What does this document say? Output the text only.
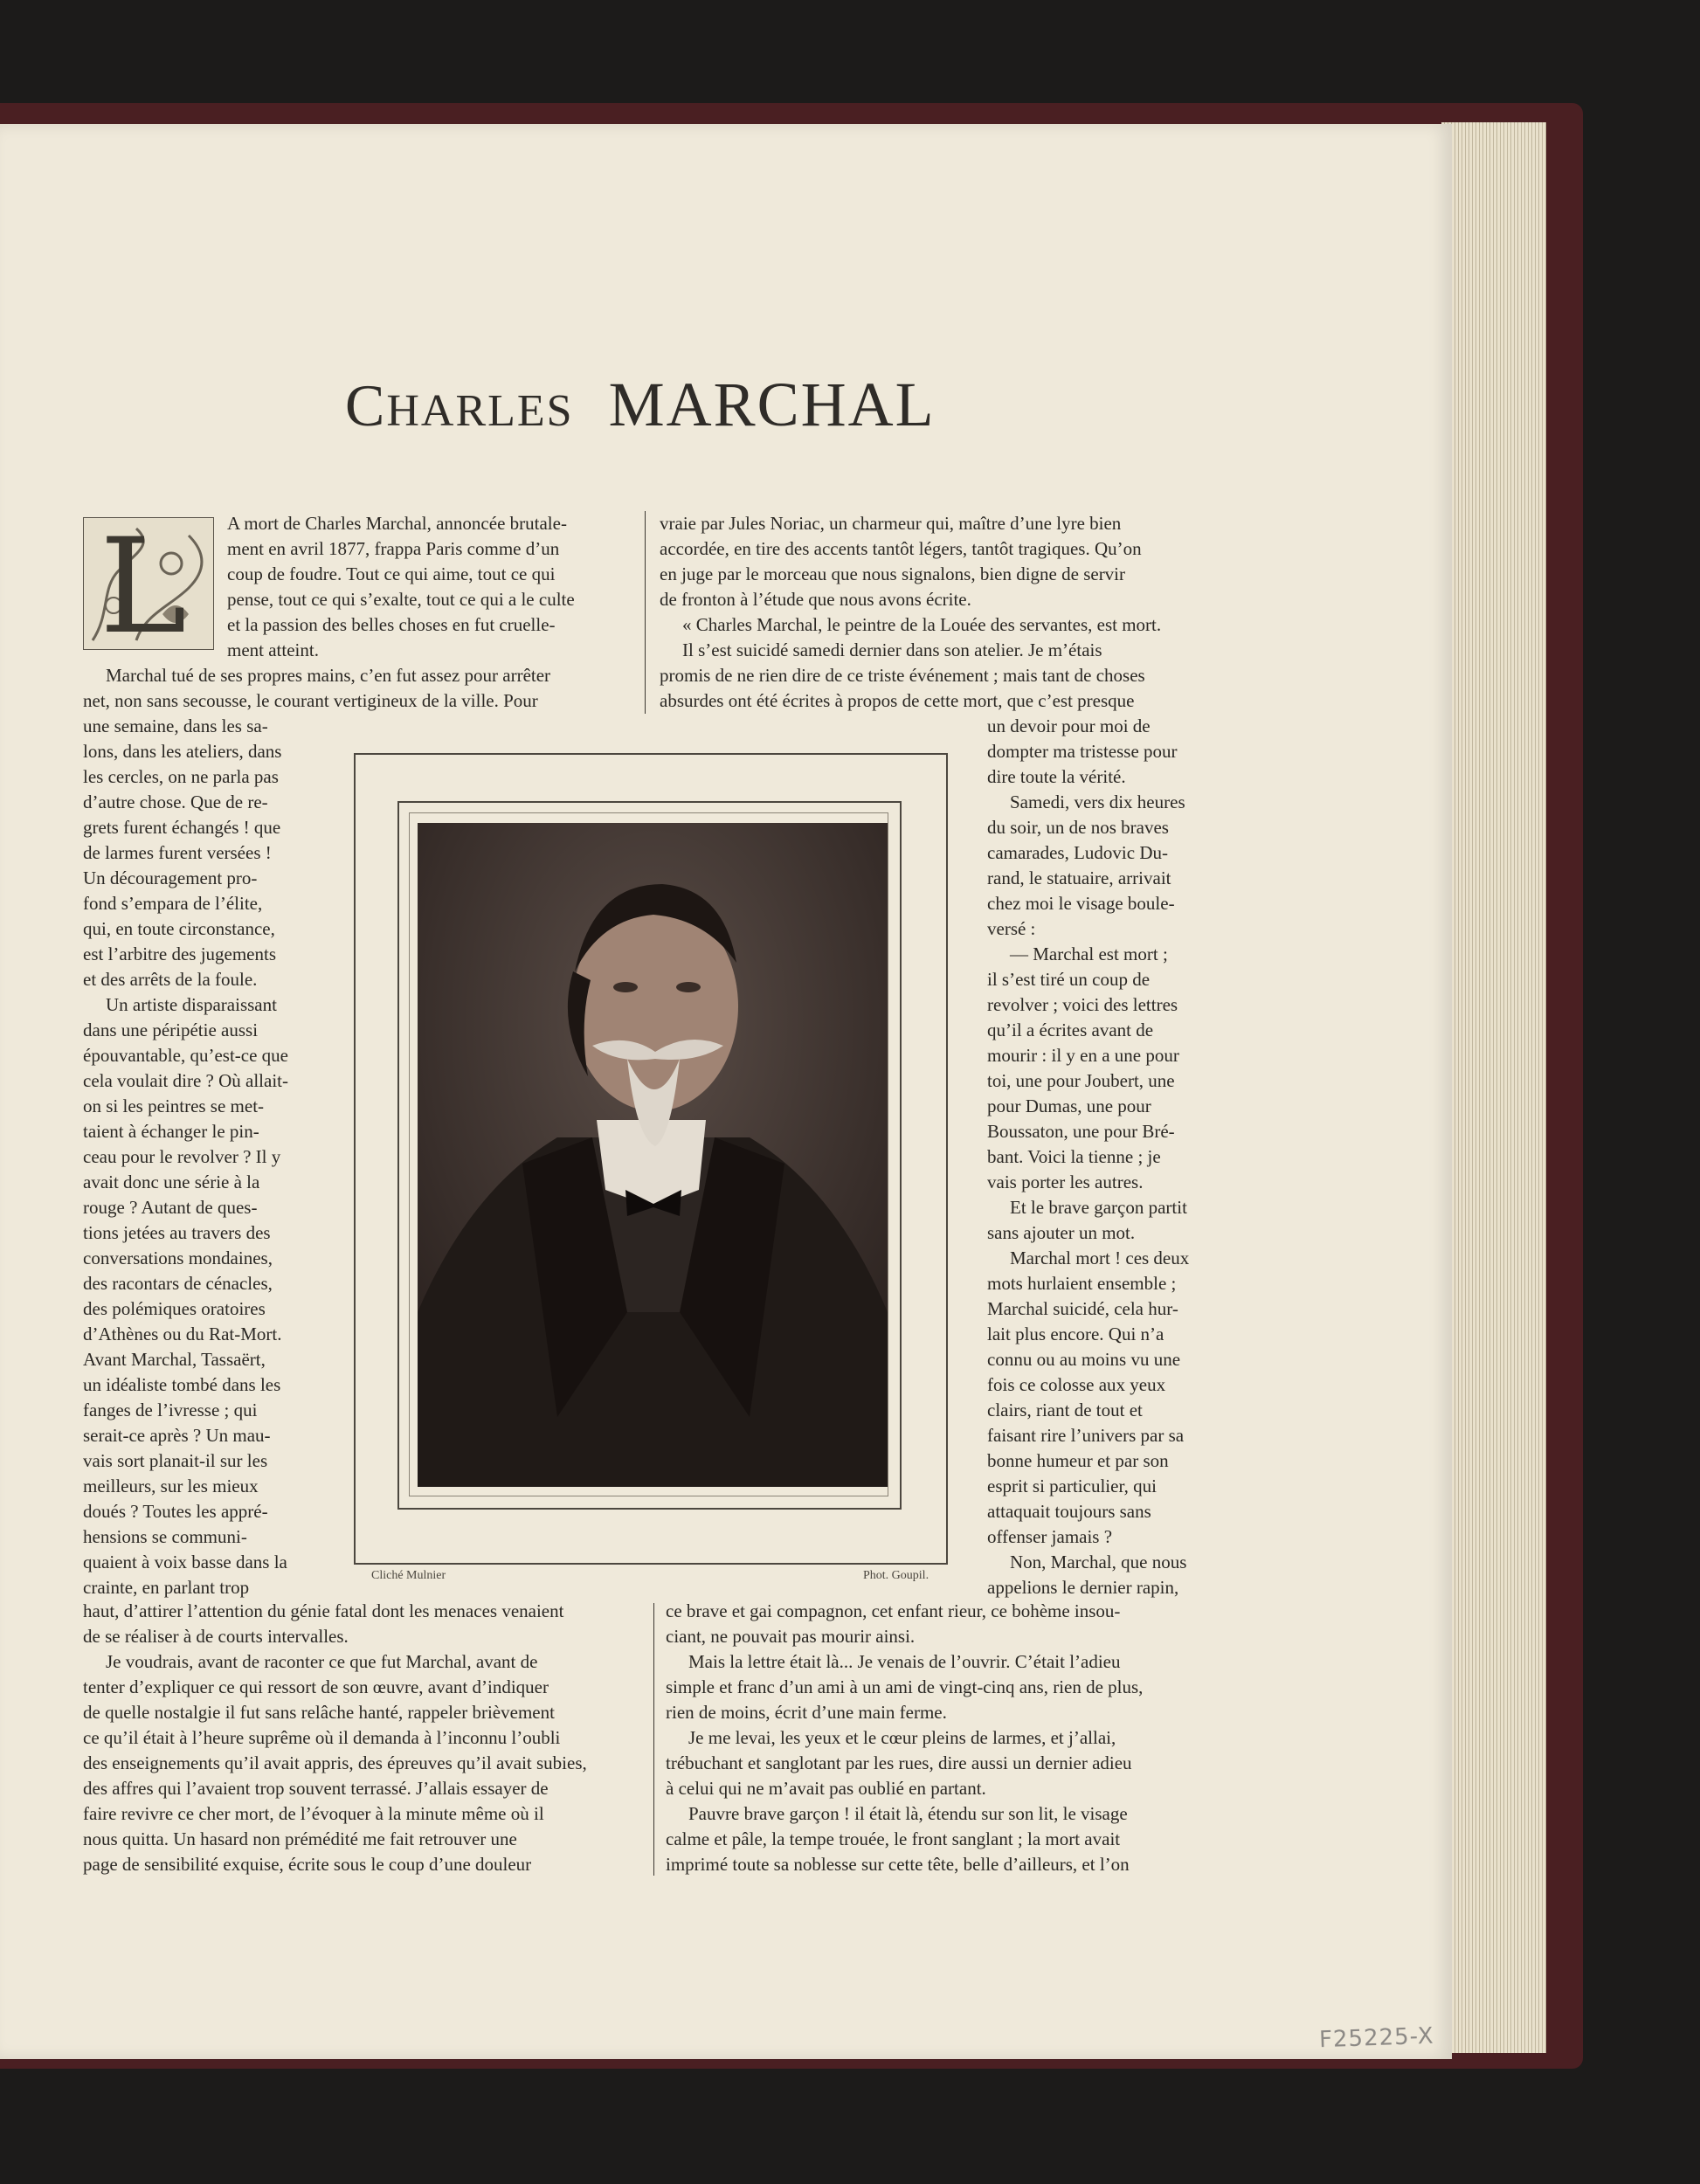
CHARLES MARCHAL
L A mort de Charles Marchal, annoncée brutale-

ment en avril 1877, frappa Paris comme d’un

coup de foudre. Tout ce qui aime, tout ce qui

pense, tout ce qui s’exalte, tout ce qui a le culte

et la passion des belles choses en fut cruelle-

ment atteint.

Marchal tué de ses propres mains, c’en fut assez pour arrêter

net, non sans secousse, le courant vertigineux de la ville. Pour

vraie par Jules Noriac, un charmeur qui, maître d’une lyre bien

accordée, en tire des accents tantôt légers, tantôt tragiques. Qu’on

en juge par le morceau que nous signalons, bien digne de servir

de fronton à l’étude que nous avons écrite.

« Charles Marchal, le peintre de la Louée des servantes, est mort.

Il s’est suicidé samedi dernier dans son atelier. Je m’étais

promis de ne rien dire de ce triste événement ; mais tant de choses

absurdes ont été écrites à propos de cette mort, que c’est presque

une semaine, dans les sa-

lons, dans les ateliers, dans

les cercles, on ne parla pas

d’autre chose. Que de re-

grets furent échangés ! que

de larmes furent versées !

Un découragement pro-

fond s’empara de l’élite,

qui, en toute circonstance,

est l’arbitre des jugements

et des arrêts de la foule.

Un artiste disparaissant

dans une péripétie aussi

épouvantable, qu’est-ce que

cela voulait dire ? Où allait-

on si les peintres se met-

taient à échanger le pin-

ceau pour le revolver ? Il y

avait donc une série à la

rouge ? Autant de ques-

tions jetées au travers des

conversations mondaines,

des racontars de cénacles,

des polémiques oratoires

d’Athènes ou du Rat-Mort.

Avant Marchal, Tassaërt,

un idéaliste tombé dans les

fanges de l’ivresse ; qui

serait-ce après ? Un mau-

vais sort planait-il sur les

meilleurs, sur les mieux

doués ? Toutes les appré-

hensions se communi-

quaient à voix basse dans la

crainte, en parlant trop

un devoir pour moi de

dompter ma tristesse pour

dire toute la vérité.

Samedi, vers dix heures

du soir, un de nos braves

camarades, Ludovic Du-

rand, le statuaire, arrivait

chez moi le visage boule-

versé :

— Marchal est mort ;

il s’est tiré un coup de

revolver ; voici des lettres

qu’il a écrites avant de

mourir : il y en a une pour

toi, une pour Joubert, une

pour Dumas, une pour

Boussaton, une pour Bré-

bant. Voici la tienne ; je

vais porter les autres.

Et le brave garçon partit

sans ajouter un mot.

Marchal mort ! ces deux

mots hurlaient ensemble ;

Marchal suicidé, cela hur-

lait plus encore. Qui n’a

connu ou au moins vu une

fois ce colosse aux yeux

clairs, riant de tout et

faisant rire l’univers par sa

bonne humeur et par son

esprit si particulier, qui

attaquait toujours sans

offenser jamais ?

Non, Marchal, que nous

appelions le dernier rapin,

Cliché Mulnier	Phot. Goupil.

haut, d’attirer l’attention du génie fatal dont les menaces venaient

de se réaliser à de courts intervalles.

Je voudrais, avant de raconter ce que fut Marchal, avant de

tenter d’expliquer ce qui ressort de son œuvre, avant d’indiquer

de quelle nostalgie il fut sans relâche hanté, rappeler brièvement

ce qu’il était à l’heure suprême où il demanda à l’inconnu l’oubli

des enseignements qu’il avait appris, des épreuves qu’il avait subies,

des affres qui l’avaient trop souvent terrassé. J’allais essayer de

faire revivre ce cher mort, de l’évoquer à la minute même où il

nous quitta. Un hasard non prémédité me fait retrouver une

page de sensibilité exquise, écrite sous le coup d’une douleur

ce brave et gai compagnon, cet enfant rieur, ce bohème insou-

ciant, ne pouvait pas mourir ainsi.

Mais la lettre était là... Je venais de l’ouvrir. C’était l’adieu

simple et franc d’un ami à un ami de vingt-cinq ans, rien de plus,

rien de moins, écrit d’une main ferme.

Je me levai, les yeux et le cœur pleins de larmes, et j’allai,

trébuchant et sanglotant par les rues, dire aussi un dernier adieu

à celui qui ne m’avait pas oublié en partant.

Pauvre brave garçon ! il était là, étendu sur son lit, le visage

calme et pâle, la tempe trouée, le front sanglant ; la mort avait

imprimé toute sa noblesse sur cette tête, belle d’ailleurs, et l’on

F25225-X
